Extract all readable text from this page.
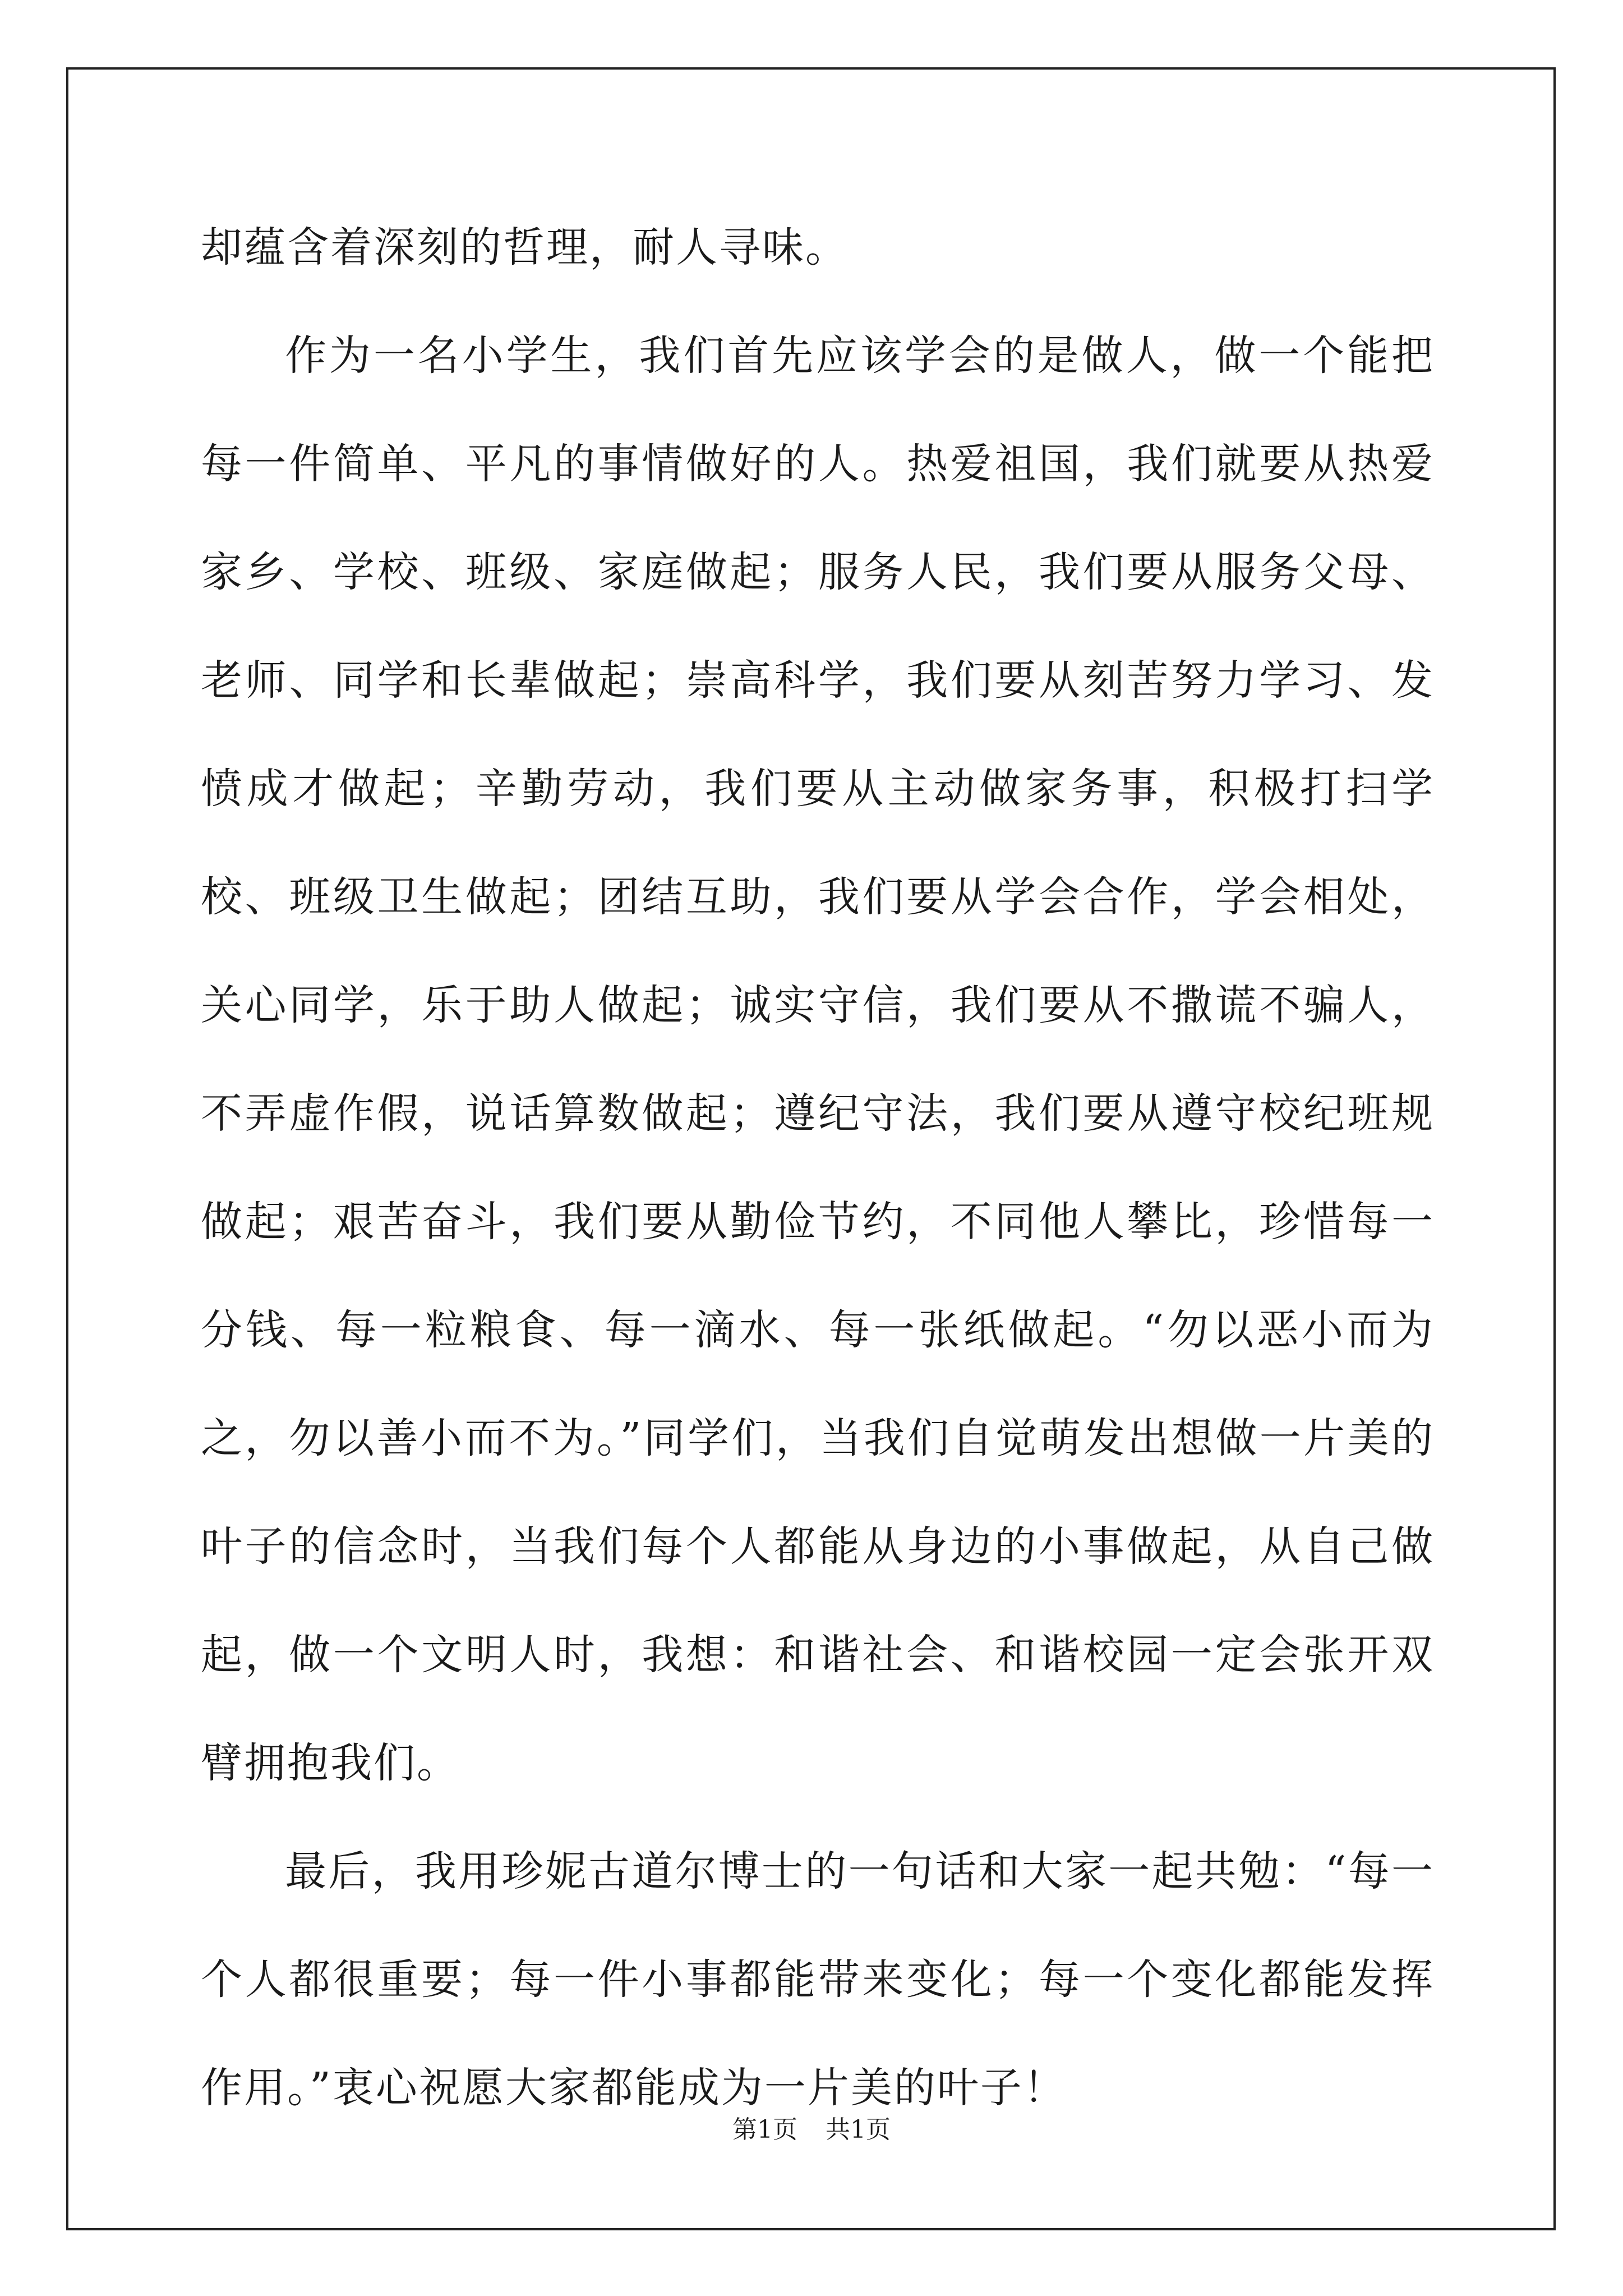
却蕴含着深刻的哲理，耐人寻味。

作为一名小学生，我们首先应该学会的是做人，做一个能把每一件简单、平凡的事情做好的人。热爱祖国，我们就要从热爱家乡、学校、班级、家庭做起；服务人民，我们要从服务父母、老师、同学和长辈做起；崇高科学，我们要从刻苦努力学习、发愤成才做起；辛勤劳动，我们要从主动做家务事，积极打扫学校、班级卫生做起；团结互助，我们要从学会合作，学会相处，关心同学，乐于助人做起；诚实守信，我们要从不撒谎不骗人，不弄虚作假，说话算数做起；遵纪守法，我们要从遵守校纪班规做起；艰苦奋斗，我们要从勤俭节约，不同他人攀比，珍惜每一分钱、每一粒粮食、每一滴水、每一张纸做起。“勿以恶小而为之，勿以善小而不为。”同学们，当我们自觉萌发出想做一片美的叶子的信念时，当我们每个人都能从身边的小事做起，从自己做起，做一个文明人时，我想：和谐社会、和谐校园一定会张开双臂拥抱我们。

最后，我用珍妮古道尔博士的一句话和大家一起共勉：“每一个人都很重要；每一件小事都能带来变化；每一个变化都能发挥作用。”衷心祝愿大家都能成为一片美的叶子！

第1页 共1页
